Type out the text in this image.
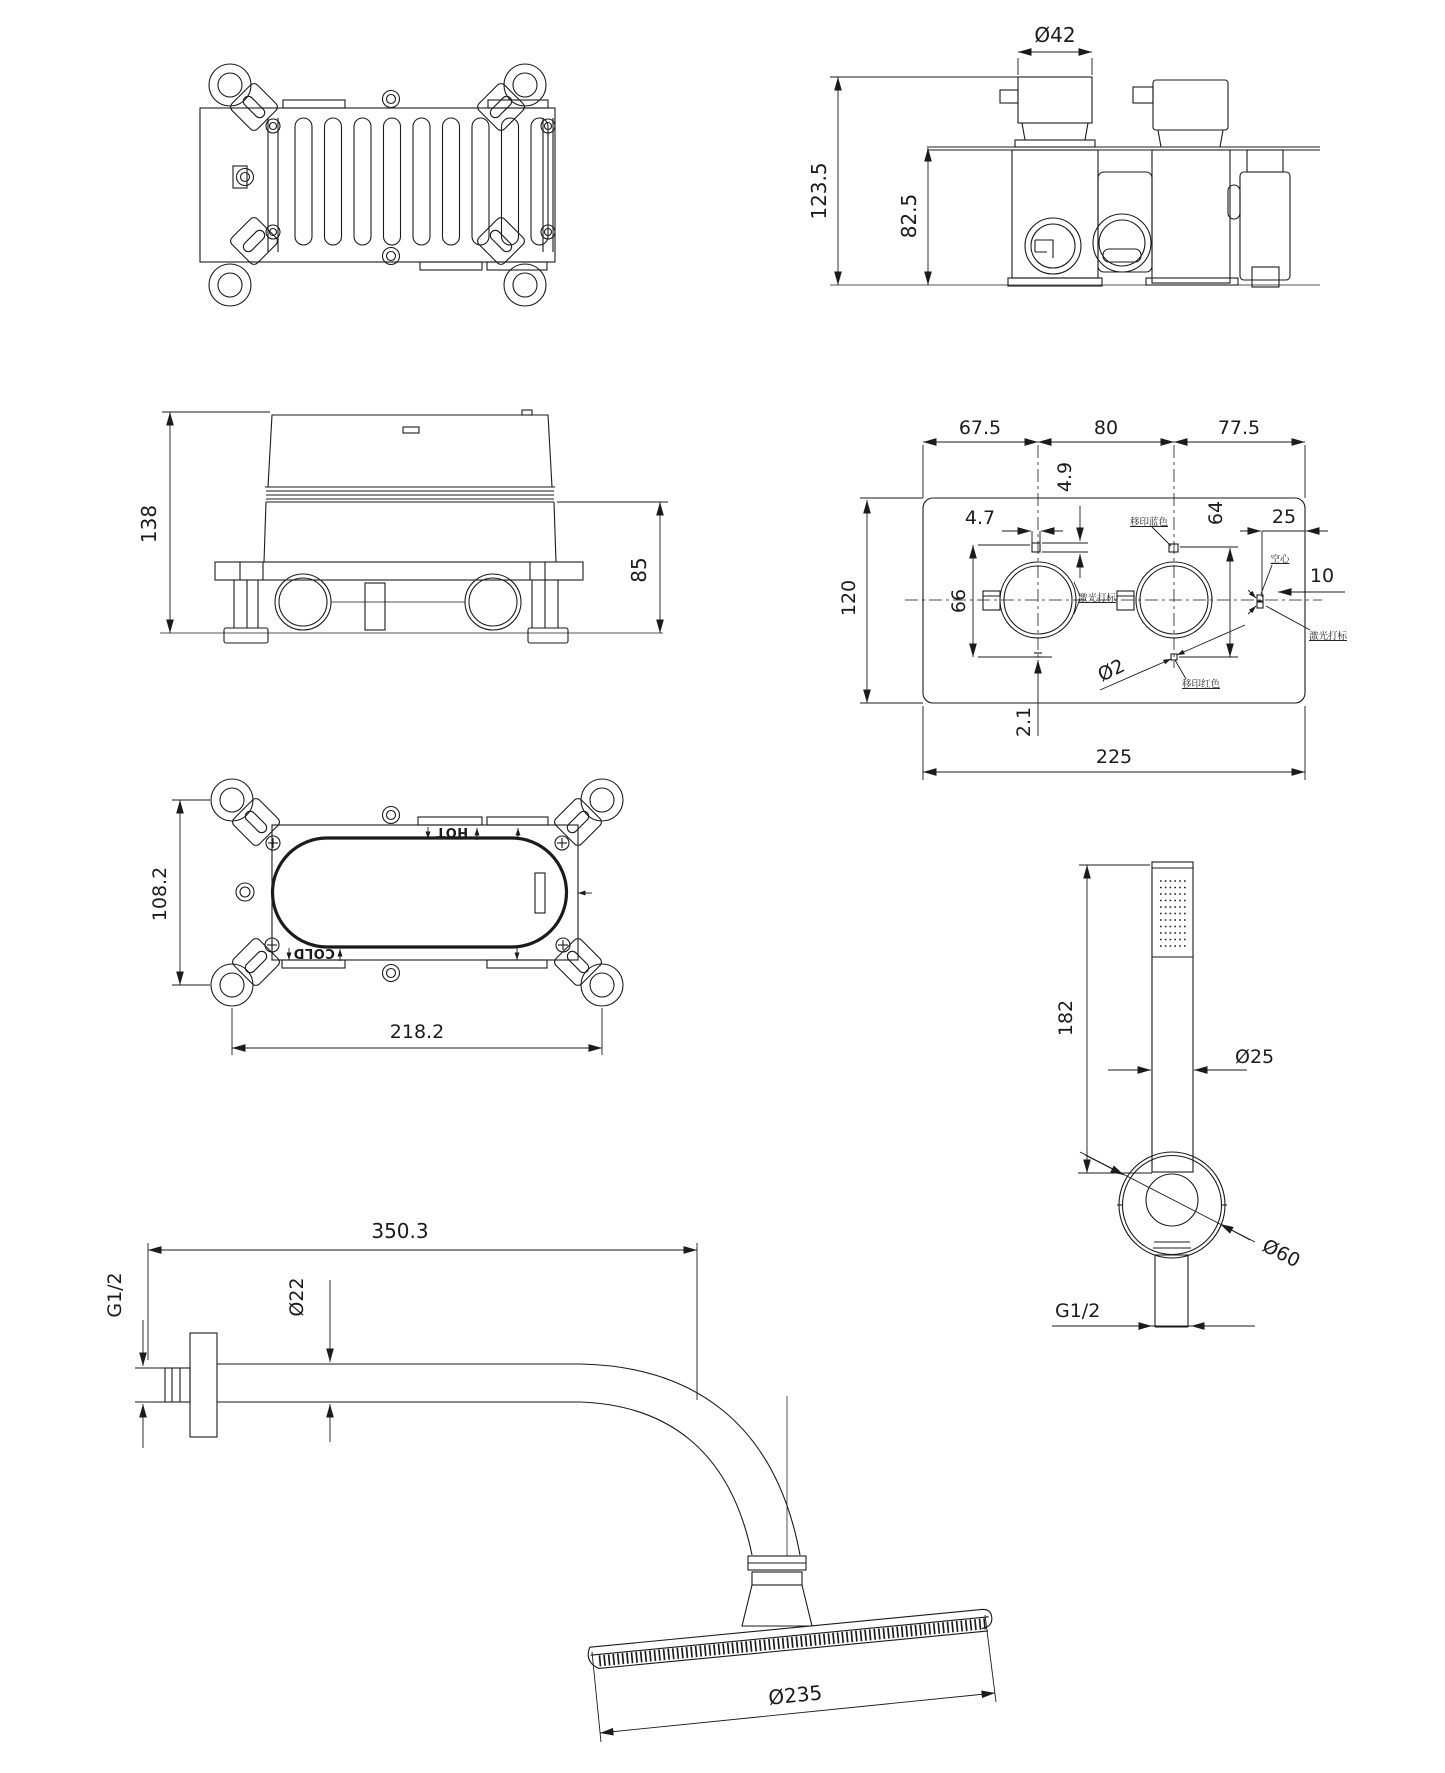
Ø42
123.5	82.5
138
85
67.5	80	77.5
120	66
4.7
4.9
64 25
10
Ø2
2.1
225
移印蓝色
激光打标
空心
激光打标
移印红色
HOT
COLD
108.2
218.2	182
Ø25
Ø60
G1/2
350.3
G1/2	Ø22
Ø235
